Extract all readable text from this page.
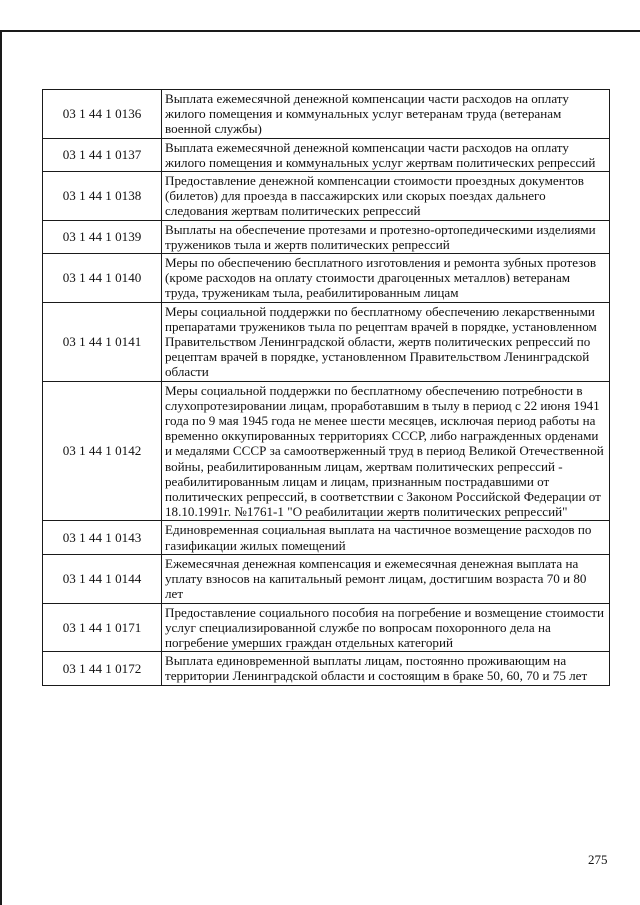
03 1 44 1 0136	Выплата ежемесячной денежной компенсации части расходов на оплату жилого помещения и коммунальных услуг ветеранам труда (ветеранам военной службы)
03 1 44 1 0137	Выплата ежемесячной денежной компенсации части расходов на оплату жилого помещения и коммунальных услуг жертвам политических репрессий
03 1 44 1 0138	Предоставление денежной компенсации стоимости проездных документов (билетов) для проезда в пассажирских или скорых поездах дальнего следования жертвам политических репрессий
03 1 44 1 0139	Выплаты на обеспечение протезами и протезно-ортопедическими изделиями тружеников тыла и жертв политических репрессий
03 1 44 1 0140	Меры по обеспечению бесплатного изготовления и ремонта зубных протезов (кроме расходов на оплату стоимости драгоценных металлов) ветеранам труда, труженикам тыла, реабилитированным лицам
03 1 44 1 0141	Меры социальной поддержки по бесплатному обеспечению лекарственными препаратами тружеников тыла по рецептам врачей в порядке, установленном Правительством Ленинградской области, жертв политических репрессий по рецептам врачей в порядке, установленном Правительством Ленинградской области
03 1 44 1 0142	Меры социальной поддержки по бесплатному обеспечению потребности в слухопротезировании лицам, проработавшим в тылу в период с 22 июня 1941 года по 9 мая 1945 года не менее шести месяцев, исключая период работы на временно оккупированных территориях СССР, либо награжденных орденами и медалями СССР за самоотверженный труд в период Великой Отечественной войны, реабилитированным лицам, жертвам политических репрессий - реабилитированным лицам и лицам, признанным пострадавшими от политических репрессий, в соответствии с Законом Российской Федерации от 18.10.1991г. №1761-1 "О реабилитации жертв политических репрессий"
03 1 44 1 0143	Единовременная социальная выплата на частичное возмещение расходов по газификации жилых помещений
03 1 44 1 0144	Ежемесячная денежная компенсация и ежемесячная денежная выплата на уплату взносов на капитальный ремонт лицам, достигшим возраста 70 и 80 лет
03 1 44 1 0171	Предоставление социального пособия на погребение и возмещение стоимости услуг специализированной службе по вопросам похоронного дела на погребение умерших граждан отдельных категорий
03 1 44 1 0172	Выплата единовременной выплаты лицам, постоянно проживающим на территории Ленинградской области и состоящим в браке 50, 60, 70 и 75 лет
275
